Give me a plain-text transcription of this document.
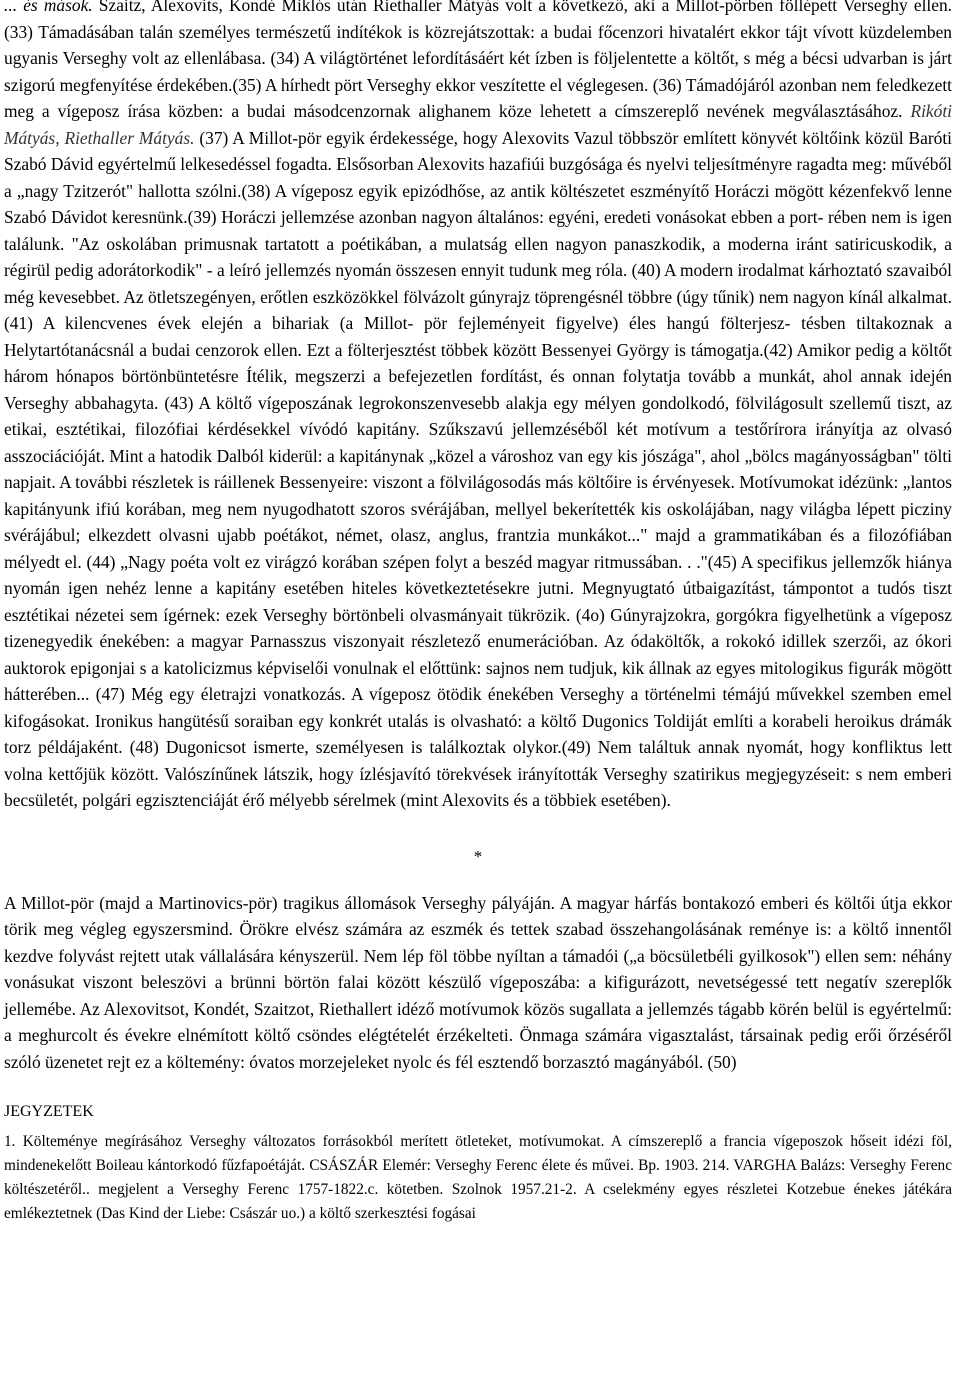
... és mások. Szaitz, Alexovits, Kondé Miklós után Riethaller Mátyás volt a következő, aki a Millot-pörben föllépett Verseghy ellen. (33) Támadásában talán személyes természetű indítékok is közrejátszottak: a budai főcenzori hivatalért ekkor tájt vívott küzdelemben ugyanis Verseghy volt az ellenlábasa. (34) A világtörténet lefordításáért két ízben is följelentette a költőt, s még a bécsi udvarban is járt szigorú megfenyítése érdekében.(35) A hírhedt pört Verseghy ekkor veszítette el véglegesen. (36) Támadójáról azonban nem feledkezett meg a vígeposz írása közben: a budai másodcenzornak alighanem köze lehetett a címszereplő nevének megválasztásához. Rikóti Mátyás, Riethaller Mátyás. (37) A Millot-pör egyik érdekessége, hogy Alexovits Vazul többször említett könyvét költőink közül Baróti Szabó Dávid egyértelmű lelkesedéssel fogadta. Elsősorban Alexovits hazafiúi buzgósága és nyelvi teljesítményre ragadta meg: művéből a „nagy Tzitzerót" hallotta szólni.(38) A vígeposz egyik epizódhőse, az antik költészetet eszményítő Horáczi mögött kézenfekvő lenne Szabó Dávidot keresnünk.(39) Horáczi jellemzése azonban nagyon általános: egyéni, eredeti vonásokat ebben a port- rében nem is igen találunk. "Az oskolában primusnak tartatott a poétikában, a mulatság ellen nagyon panaszkodik, a moderna iránt satiricuskodik, a régirül pedig adorátorkodik" - a leíró jellemzés nyomán összesen ennyit tudunk meg róla. (40) A modern irodalmat kárhoztató szavaiból még kevesebbet. Az ötletszegényen, erőtlen eszközökkel fölvázolt gúnyrajz töprengésnél többre (úgy tűnik) nem nagyon kínál alkalmat.(41) A kilencvenes évek elején a bihariak (a Millot- pör fejleményeit figyelve) éles hangú fölterjesz- tésben tiltakoznak a Helytartótanácsnál a budai cenzorok ellen. Ezt a fölterjesztést többek között Bessenyei György is támogatja.(42) Amikor pedig a költőt három hónapos börtönbüntetésre Ítélik, megszerzi a befejezetlen fordítást, és onnan folytatja tovább a munkát, ahol annak idején Verseghy abbahagyta. (43) A költő vígeposzának legrokonszenvesebb alakja egy mélyen gondolkodó, fölvilágosult szellemű tiszt, az etikai, esztétikai, filozófiai kérdésekkel vívódó kapitány. Szűkszavú jellemzéséből két motívum a testőrírora irányítja az olvasó asszociációját. Mint a hatodik Dalból kiderül: a kapitánynak „közel a városhoz van egy kis jószága", ahol „bölcs magányosságban" tölti napjait. A további részletek is ráillenek Bessenyeire: viszont a fölvilágosodás más költőire is érvényesek. Motívumokat idézünk: „lantos kapitányunk ifiú korában, meg nem nyugodhatott szoros svérájában, mellyel bekerítették kis oskolájában, nagy világba lépett picziny svérájábul; elkezdett olvasni ujabb poétákot, német, olasz, anglus, frantzia munkákot..." majd a grammatikában és a filozófiában mélyedt el. (44) „Nagy poéta volt ez virágzó korában szépen folyt a beszéd magyar ritmussában. . ."(45) A specifikus jellemzők hiánya nyomán igen nehéz lenne a kapitány esetében hiteles következtetésekre jutni. Megnyugtató útbaigazítást, támpontot a tudós tiszt esztétikai nézetei sem ígérnek: ezek Verseghy börtönbeli olvasmányait tükrözik. (4o) Gúnyrajzokra, gorgókra figyelhetünk a vígeposz tizenegyedik énekében: a magyar Parnasszus viszonyait részletező enumerációban. Az ódaköltők, a rokokó idillek szerzői, az ókori auktorok epigonjai s a katolicizmus képviselői vonulnak el előttünk: sajnos nem tudjuk, kik állnak az egyes mitologikus figurák mögött hátterében... (47) Még egy életrajzi vonatkozás. A vígeposz ötödik énekében Verseghy a történelmi témájú művekkel szemben emel kifogásokat. Ironikus hangütésű soraiban egy konkrét utalás is olvasható: a költő Dugonics Toldiját említi a korabeli heroikus drámák torz példájaként. (48) Dugonicsot ismerte, személyesen is találkoztak olykor.(49) Nem találtuk annak nyomát, hogy konfliktus lett volna kettőjük között. Valószínűnek látszik, hogy ízlésjavító törekvések irányították Verseghy szatirikus megjegyzéseit: s nem emberi becsületét, polgári egzisztenciáját érő mélyebb sérelmek (mint Alexovits és a többiek esetében).

*

A Millot-pör (majd a Martinovics-pör) tragikus állomások Verseghy pályáján. A magyar hárfás bontakozó emberi és költői útja ekkor törik meg végleg egyszersmind. Örökre elvész számára az eszmék és tettek szabad összehangolásának reménye is: a költő innentől kezdve folyvást rejtett utak vállalására kényszerül. Nem lép föl többe nyíltan a támadói („a böcsületbéli gyilkosok") ellen sem: néhány vonásukat viszont beleszövi a brünni börtön falai között készülő vígeposzába: a kifigurázott, nevetségessé tett negatív szereplők jellemébe. Az Alexovitsot, Kondét, Szaitzot, Riethallert idéző motívumok közös sugallata a jellemzés tágabb körén belül is egyértelmű: a meghurcolt és évekre elnémított költő csöndes elégtételét érzékelteti. Önmaga számára vigasztalást, társainak pedig erői őrzéséről szóló üzenetet rejt ez a költemény: óvatos morzejeleket nyolc és fél esztendő borzasztó magányából. (50)

JEGYZETEK

1. Költeménye megírásához Verseghy változatos forrásokból merített ötleteket, motívumokat. A címszereplő a francia vígeposzok hőseit idézi föl, mindenekelőtt Boileau kántorkodó fűzfapoétáját. CSÁSZÁR Elemér: Verseghy Ferenc élete és művei. Bp. 1903. 214. VARGHA Balázs: Verseghy Ferenc költészetéről.. megjelent a Verseghy Ferenc 1757-1822.c. kötetben. Szolnok 1957.21-2. A cselekmény egyes részletei Kotzebue énekes játékára emlékeztetnek (Das Kind der Liebe: Császár uo.) a költő szerkesztési fogásai
